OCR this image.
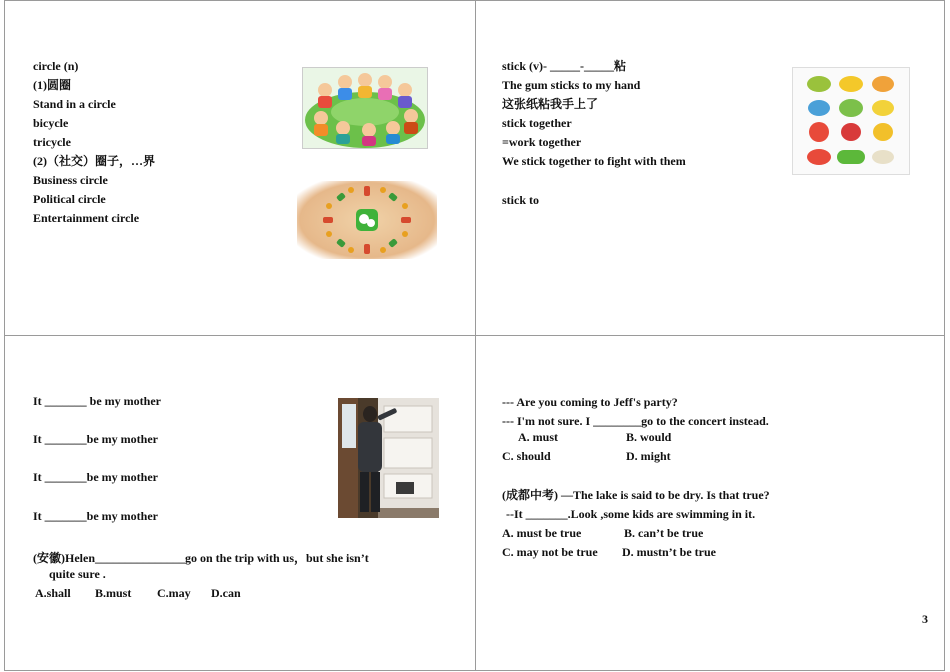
circle (n)
(1)圆圈
Stand in a circle
bicycle
tricycle
(2)（社交）圈子，…界
Business circle
Political circle
Entertainment circle
stick (v)- _____-_____粘
The gum sticks to my hand
这张纸粘我手上了
stick together
=work together
We stick together to fight with them
stick to
It _______ be my mother
It _______be my mother
It _______be my mother
It _______be my mother
(安徽)Helen_______________go on the trip with us，but she isn’t
quite sure .
A.shall B.must C.may D.can
--- Are you coming to Jeff's party?
--- I'm not sure. I ________go to the concert instead.
A. must	B. would
C. should	D. might
(成都中考) —The lake is said to be dry. Is that true?
--It _______.Look ,some kids are swimming in it.
A. must be true	B. can’t be true
C. may not be true D. mustn’t be true
3
